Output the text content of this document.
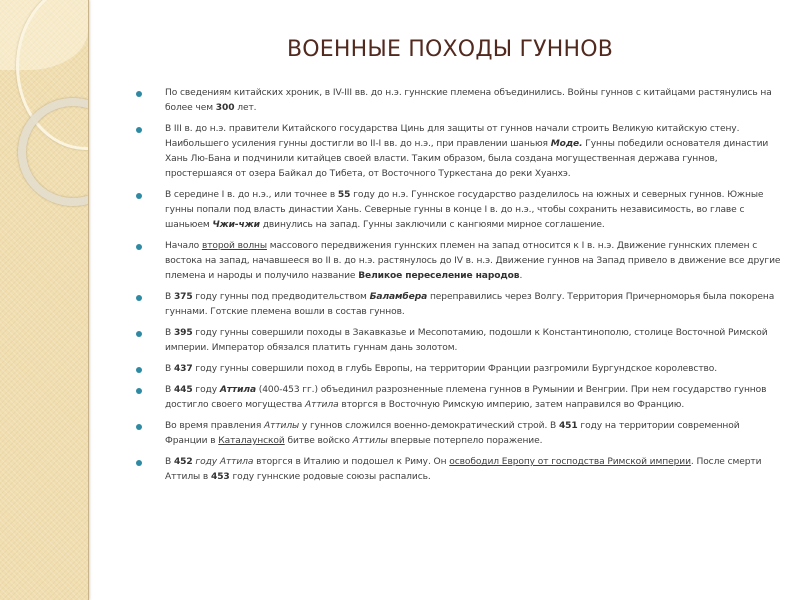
ВОЕННЫЕ ПОХОДЫ ГУННОВ
По сведениям китайских хроник, в IV-III вв. до н.э. гуннские племена объединились. Войны гуннов с китайцами растянулись на более чем 300 лет.
В III в. до н.э. правители Китайского государства Цинь для защиты от гуннов начали строить Великую китайскую стену. Наибольшего усиления гунны достигли во II-I вв. до н.э., при правлении шаньюя Моде. Гунны победили основателя династии Хань Лю-Бана и подчинили китайцев своей власти. Таким образом, была создана могущественная держава гуннов, простершаяся от озера Байкал до Тибета, от Восточного Туркестана до реки Хуанхэ.
В середине I в. до н.э., или точнее в 55 году до н.э. Гуннское государство разделилось на южных и северных гуннов. Южные гунны попали под власть династии Хань. Северные гунны в конце I в. до н.э., чтобы сохранить независимость, во главе с шаньюем Чжи-чжи двинулись на запад. Гунны заключили с кангюями мирное соглашение.
Начало второй волны массового передвижения гуннских племен на запад относится к I в. н.э. Движение гуннских племен с востока на запад, начавшееся во II в. до н.э. растянулось до IV в. н.э. Движение гуннов на Запад привело в движение все другие племена и народы и получило название Великое переселение народов.
В 375 году гунны под предводительством Баламбера переправились через Волгу. Территория Причерноморья была покорена гуннами. Готские племена вошли в состав гуннов.
В 395 году гунны совершили походы в Закавказье и Месопотамию, подошли к Константинополю, столице Восточной Римской империи. Император обязался платить гуннам дань золотом.
В 437 году гунны совершили поход в глубь Европы, на территории Франции разгромили Бургундское королевство.
В 445 году Аттила (400-453 гг.) объединил разрозненные племена гуннов в Румынии и Венгрии. При нем государство гуннов достигло своего могущества Аттила вторгся в Восточную Римскую империю, затем направился во Францию.
Во время правления Аттилы у гуннов сложился военно-демократический строй. В 451 году на территории современной Франции в Каталаунской битве войско Аттилы впервые потерпело поражение.
В 452 году Аттила вторгся в Италию и подошел к Риму. Он освободил Европу от господства Римской империи. После смерти Аттилы в 453 году гуннские родовые союзы распались.
